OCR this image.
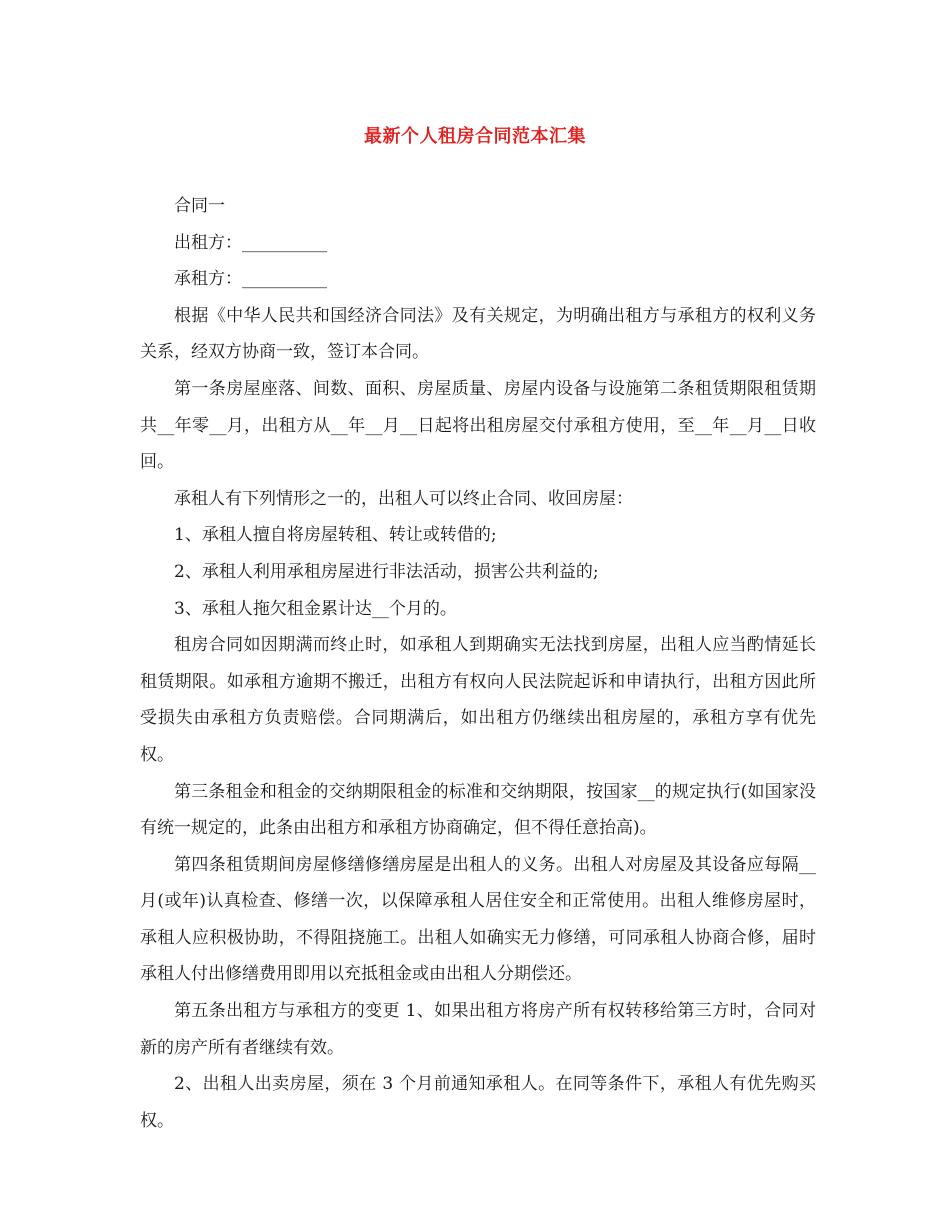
最新个人租房合同范本汇集

合同一

出租方：__________

承租方：__________

根据《中华人民共和国经济合同法》及有关规定，为明确出租方与承租方的权利义务关系，经双方协商一致，签订本合同。

第一条房屋座落、间数、面积、房屋质量、房屋内设备与设施第二条租赁期限租赁期共__年零__月，出租方从__年__月__日起将出租房屋交付承租方使用，至__年__月__日收回。

承租人有下列情形之一的，出租人可以终止合同、收回房屋：

1、承租人擅自将房屋转租、转让或转借的;

2、承租人利用承租房屋进行非法活动，损害公共利益的;

3、承租人拖欠租金累计达__个月的。

租房合同如因期满而终止时，如承租人到期确实无法找到房屋，出租人应当酌情延长租赁期限。如承租方逾期不搬迁，出租方有权向人民法院起诉和申请执行，出租方因此所受损失由承租方负责赔偿。合同期满后，如出租方仍继续出租房屋的，承租方享有优先权。

第三条租金和租金的交纳期限租金的标准和交纳期限，按国家__的规定执行(如国家没有统一规定的，此条由出租方和承租方协商确定，但不得任意抬高)。

第四条租赁期间房屋修缮修缮房屋是出租人的义务。出租人对房屋及其设备应每隔__月(或年)认真检查、修缮一次，以保障承租人居住安全和正常使用。出租人维修房屋时，承租人应积极协助，不得阻挠施工。出租人如确实无力修缮，可同承租人协商合修，届时承租人付出修缮费用即用以充抵租金或由出租人分期偿还。

第五条出租方与承租方的变更 1、如果出租方将房产所有权转移给第三方时，合同对新的房产所有者继续有效。

2、出租人出卖房屋，须在 3 个月前通知承租人。在同等条件下，承租人有优先购买权。
